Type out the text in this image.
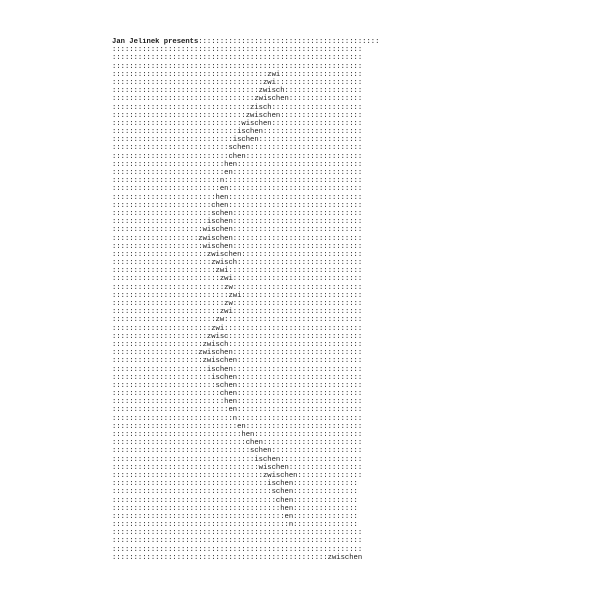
Jan Jelinek presents::::::::::::::::::::::::::::::::::::::::::
::::::::::::::::::::::::::::::::::::::::::::::::::::::::::
::::::::::::::::::::::::::::::::::::::::::::::::::::::::::
::::::::::::::::::::::::::::::::::::::::::::::::::::::::::
::::::::::::::::::::::::::::::::::::zwi:::::::::::::::::::
:::::::::::::::::::::::::::::::::::zwi::::::::::::::::::::
::::::::::::::::::::::::::::::::::zwisch::::::::::::::::::
:::::::::::::::::::::::::::::::::zwischen:::::::::::::::::
::::::::::::::::::::::::::::::::zisch:::::::::::::::::::::
:::::::::::::::::::::::::::::::zwischen:::::::::::::::::::
::::::::::::::::::::::::::::::wischen:::::::::::::::::::::
:::::::::::::::::::::::::::::ischen:::::::::::::::::::::::
::::::::::::::::::::::::::::ischen::::::::::::::::::::::::
:::::::::::::::::::::::::::schen::::::::::::::::::::::::::
:::::::::::::::::::::::::::chen:::::::::::::::::::::::::::
::::::::::::::::::::::::::hen:::::::::::::::::::::::::::::
::::::::::::::::::::::::::en::::::::::::::::::::::::::::::
:::::::::::::::::::::::::n::::::::::::::::::::::::::::::::
:::::::::::::::::::::::::en:::::::::::::::::::::::::::::::
::::::::::::::::::::::::hen:::::::::::::::::::::::::::::::
:::::::::::::::::::::::chen:::::::::::::::::::::::::::::::
:::::::::::::::::::::::schen::::::::::::::::::::::::::::::
::::::::::::::::::::::ischen::::::::::::::::::::::::::::::
:::::::::::::::::::::wischen::::::::::::::::::::::::::::::
::::::::::::::::::::zwischen::::::::::::::::::::::::::::::
:::::::::::::::::::::wischen::::::::::::::::::::::::::::::
::::::::::::::::::::::zwischen::::::::::::::::::::::::::::
:::::::::::::::::::::::zwisch:::::::::::::::::::::::::::::
::::::::::::::::::::::::zwi:::::::::::::::::::::::::::::::
:::::::::::::::::::::::::zwi::::::::::::::::::::::::::::::
::::::::::::::::::::::::::zw::::::::::::::::::::::::::::::
:::::::::::::::::::::::::::zwi::::::::::::::::::::::::::::
::::::::::::::::::::::::::zw::::::::::::::::::::::::::::::
:::::::::::::::::::::::::zwi::::::::::::::::::::::::::::::
::::::::::::::::::::::::zw::::::::::::::::::::::::::::::::
:::::::::::::::::::::::zwi::::::::::::::::::::::::::::::::
::::::::::::::::::::::zwisc:::::::::::::::::::::::::::::::
:::::::::::::::::::::zwisch:::::::::::::::::::::::::::::::
::::::::::::::::::::zwischen::::::::::::::::::::::::::::::
:::::::::::::::::::::zwischen:::::::::::::::::::::::::::::
::::::::::::::::::::::ischen::::::::::::::::::::::::::::::
:::::::::::::::::::::::ischen:::::::::::::::::::::::::::::
::::::::::::::::::::::::schen:::::::::::::::::::::::::::::
:::::::::::::::::::::::::chen:::::::::::::::::::::::::::::
::::::::::::::::::::::::::hen:::::::::::::::::::::::::::::
:::::::::::::::::::::::::::en:::::::::::::::::::::::::::::
::::::::::::::::::::::::::::n:::::::::::::::::::::::::::::
:::::::::::::::::::::::::::::en:::::::::::::::::::::::::::
::::::::::::::::::::::::::::::hen:::::::::::::::::::::::::
:::::::::::::::::::::::::::::::chen:::::::::::::::::::::::
::::::::::::::::::::::::::::::::schen:::::::::::::::::::::
:::::::::::::::::::::::::::::::::ischen:::::::::::::::::::
::::::::::::::::::::::::::::::::::wischen:::::::::::::::::
:::::::::::::::::::::::::::::::::::zwischen:::::::::::::::
::::::::::::::::::::::::::::::::::::ischen:::::::::::::::
:::::::::::::::::::::::::::::::::::::schen:::::::::::::::
::::::::::::::::::::::::::::::::::::::chen:::::::::::::::
:::::::::::::::::::::::::::::::::::::::hen:::::::::::::::
::::::::::::::::::::::::::::::::::::::::en:::::::::::::::
:::::::::::::::::::::::::::::::::::::::::n:::::::::::::::
::::::::::::::::::::::::::::::::::::::::::::::::::::::::::
::::::::::::::::::::::::::::::::::::::::::::::::::::::::::
::::::::::::::::::::::::::::::::::::::::::::::::::::::::::
::::::::::::::::::::::::::::::::::::::::::::::::::zwischen
